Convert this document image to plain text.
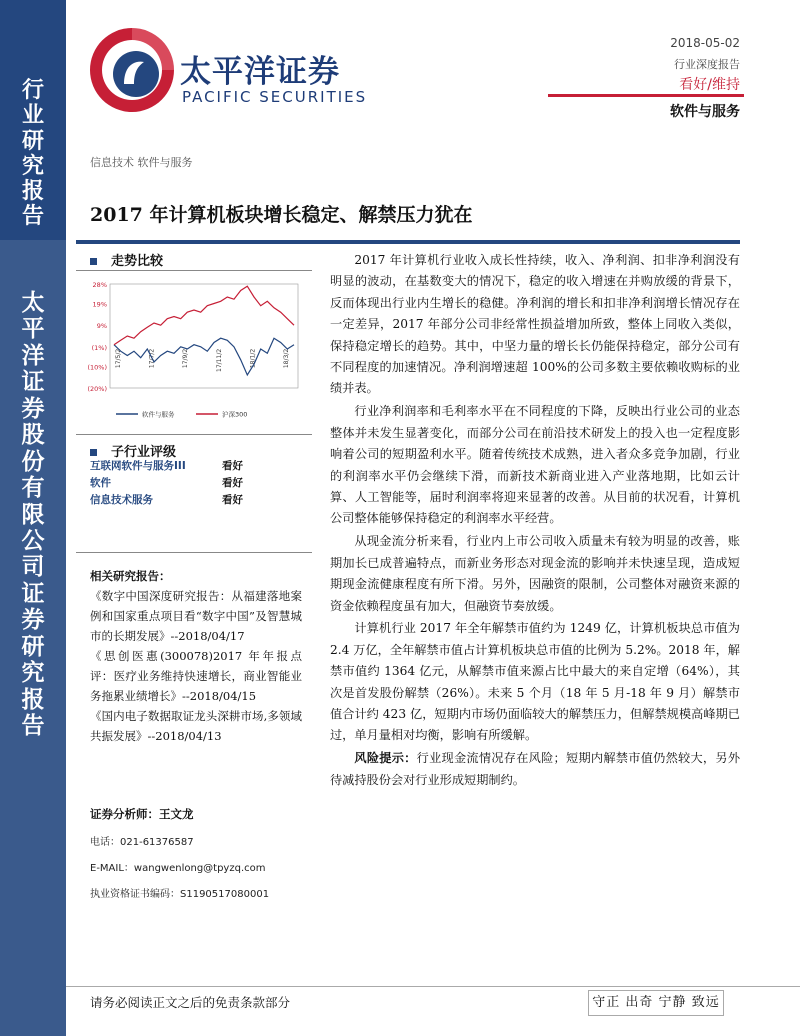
行
业
研
究
报
告
太
平
洋
证
券
股
份
有
限
公
司
证
券
研
究
报
告
太平洋证券
PACIFIC SECURITIES
2018-05-02
行业深度报告
看好/维持
软件与服务
信息技术 软件与服务
2017 年计算机板块增长稳定、解禁压力犹在
走势比较
28%
19%
9%
(1%)
(10%)
(20%)
17/5/2	17/7/2	17/9/2	17/11/2	18/1/2	18/3/2
软件与服务	沪深300
子行业评级
互联网软件与服务III	看好
软件	看好
信息技术服务	看好
相关研究报告：
《数字中国深度研究报告：从福建落地案例和国家重点项目看“数字中国”及智慧城市的长期发展》--2018/04/17
《思创医惠(300078)2017 年年报点评：医疗业务维持快速增长，商业智能业务拖累业绩增长》--2018/04/15
《国内电子数据取证龙头深耕市场,多领域共振发展》--2018/04/13
证券分析师：王文龙
电话：021-61376587
E-MAIL：wangwenlong@tpyzq.com
执业资格证书编码：S1190517080001

2017 年计算机行业收入成长性持续，收入、净利润、扣非净利润没有明显的波动，在基数变大的情况下，稳定的收入增速在并购放缓的背景下，反而体现出行业内生增长的稳健。净利润的增长和扣非净利润增长情况存在一定差异，2017 年部分公司非经常性损益增加所致，整体上同收入类似，保持稳定增长的趋势。其中，中坚力量的增长长仍能保持稳定，部分公司有不同程度的加速情况。净利润增速超 100%的公司多数主要依赖收购标的业绩并表。

行业净利润率和毛利率水平在不同程度的下降，反映出行业公司的业态整体并未发生显著变化，而部分公司在前沿技术研发上的投入也一定程度影响着公司的短期盈利水平。随着传统技术成熟，进入者众多竞争加剧，行业的利润率水平仍会继续下滑，而新技术新商业进入产业落地期，比如云计算、人工智能等，届时利润率将迎来显著的改善。从目前的状况看，计算机公司整体能够保持稳定的利润率水平经营。

从现金流分析来看，行业内上市公司收入质量未有较为明显的改善，账期加长已成普遍特点，而新业务形态对现金流的影响并未快速呈现，造成短期现金流健康程度有所下滑。另外，因融资的限制，公司整体对融资来源的资金依赖程度虽有加大，但融资节奏放缓。

计算机行业 2017 年全年解禁市值约为 1249 亿，计算机板块总市值为 2.4 万亿，全年解禁市值占计算机板块总市值的比例为 5.2%。2018 年，解禁市值约 1364 亿元，从解禁市值来源占比中最大的来自定增（64%），其次是首发股份解禁（26%）。未来 5 个月（18 年 5 月-18 年 9 月）解禁市值合计约 423 亿，短期内市场仍面临较大的解禁压力，但解禁规模高峰期已过，单月量相对均衡，影响有所缓解。

风险提示：行业现金流情况存在风险；短期内解禁市值仍然较大，另外待减持股份会对行业形成短期制约。

请务必阅读正文之后的免责条款部分	守正 出奇 宁静 致远
